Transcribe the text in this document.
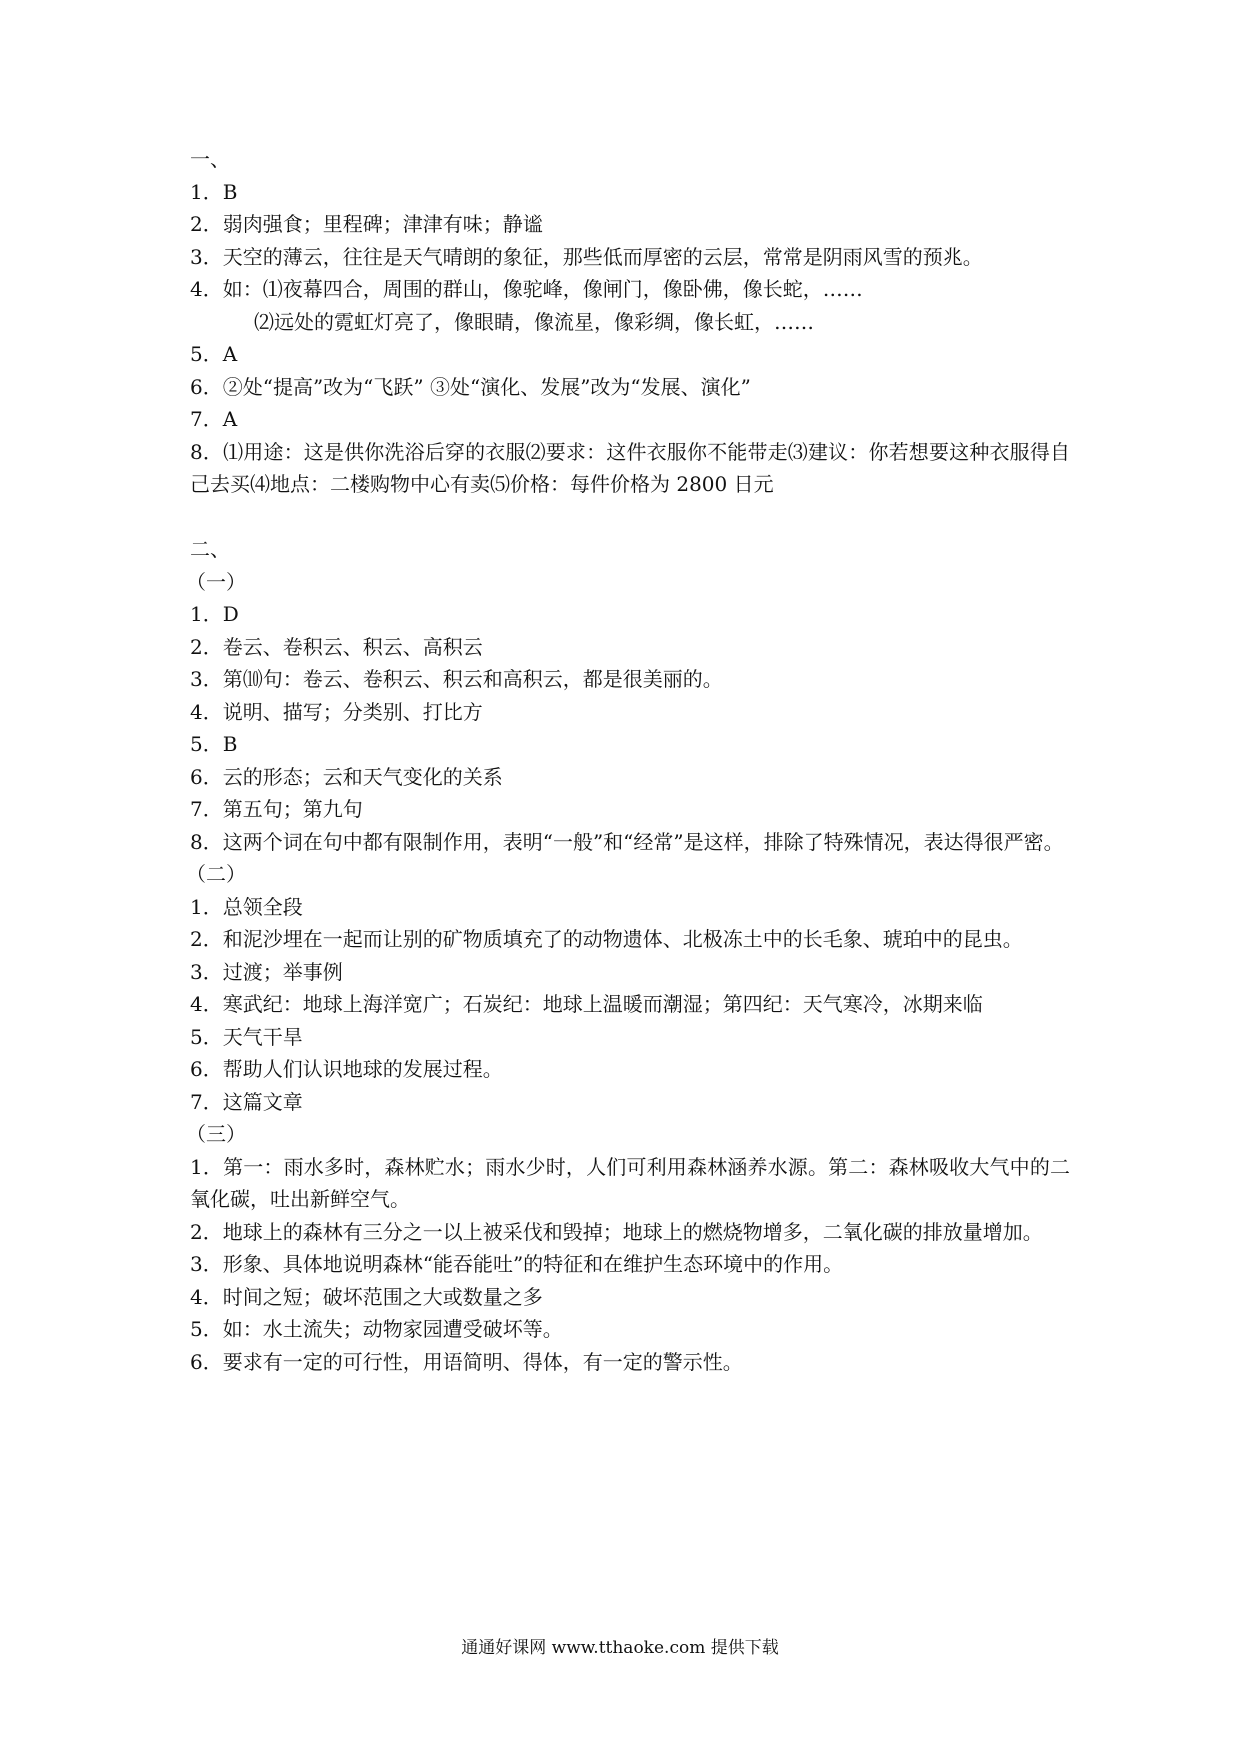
一、
1．B
2．弱肉强食；里程碑；津津有味；静谧
3．天空的薄云，往往是天气晴朗的象征，那些低而厚密的云层，常常是阴雨风雪的预兆。
4．如：⑴夜幕四合，周围的群山，像驼峰，像闸门，像卧佛，像长蛇，……
⑵远处的霓虹灯亮了，像眼睛，像流星，像彩绸，像长虹，……
5．A
6．②处“提高”改为“飞跃” ③处“演化、发展”改为“发展、演化”
7．A
8．⑴用途：这是供你洗浴后穿的衣服⑵要求：这件衣服你不能带走⑶建议：你若想要这种衣服得自己去买⑷地点：二楼购物中心有卖⑸价格：每件价格为 2800 日元
二、
（一）
1．D
2．卷云、卷积云、积云、高积云
3．第⑽句：卷云、卷积云、积云和高积云，都是很美丽的。
4．说明、描写；分类别、打比方
5．B
6．云的形态；云和天气变化的关系
7．第五句；第九句
8．这两个词在句中都有限制作用，表明“一般”和“经常”是这样，排除了特殊情况，表达得很严密。
（二）
1．总领全段
2．和泥沙埋在一起而让别的矿物质填充了的动物遗体、北极冻土中的长毛象、琥珀中的昆虫。
3．过渡；举事例
4．寒武纪：地球上海洋宽广；石炭纪：地球上温暖而潮湿；第四纪：天气寒冷，冰期来临
5．天气干旱
6．帮助人们认识地球的发展过程。
7．这篇文章
（三）
1．第一：雨水多时，森林贮水；雨水少时，人们可利用森林涵养水源。第二：森林吸收大气中的二氧化碳，吐出新鲜空气。
2．地球上的森林有三分之一以上被采伐和毁掉；地球上的燃烧物增多，二氧化碳的排放量增加。
3．形象、具体地说明森林“能吞能吐”的特征和在维护生态环境中的作用。
4．时间之短；破坏范围之大或数量之多
5．如：水土流失；动物家园遭受破坏等。
6．要求有一定的可行性，用语简明、得体，有一定的警示性。
通通好课网 www.tthaoke.com 提供下载
